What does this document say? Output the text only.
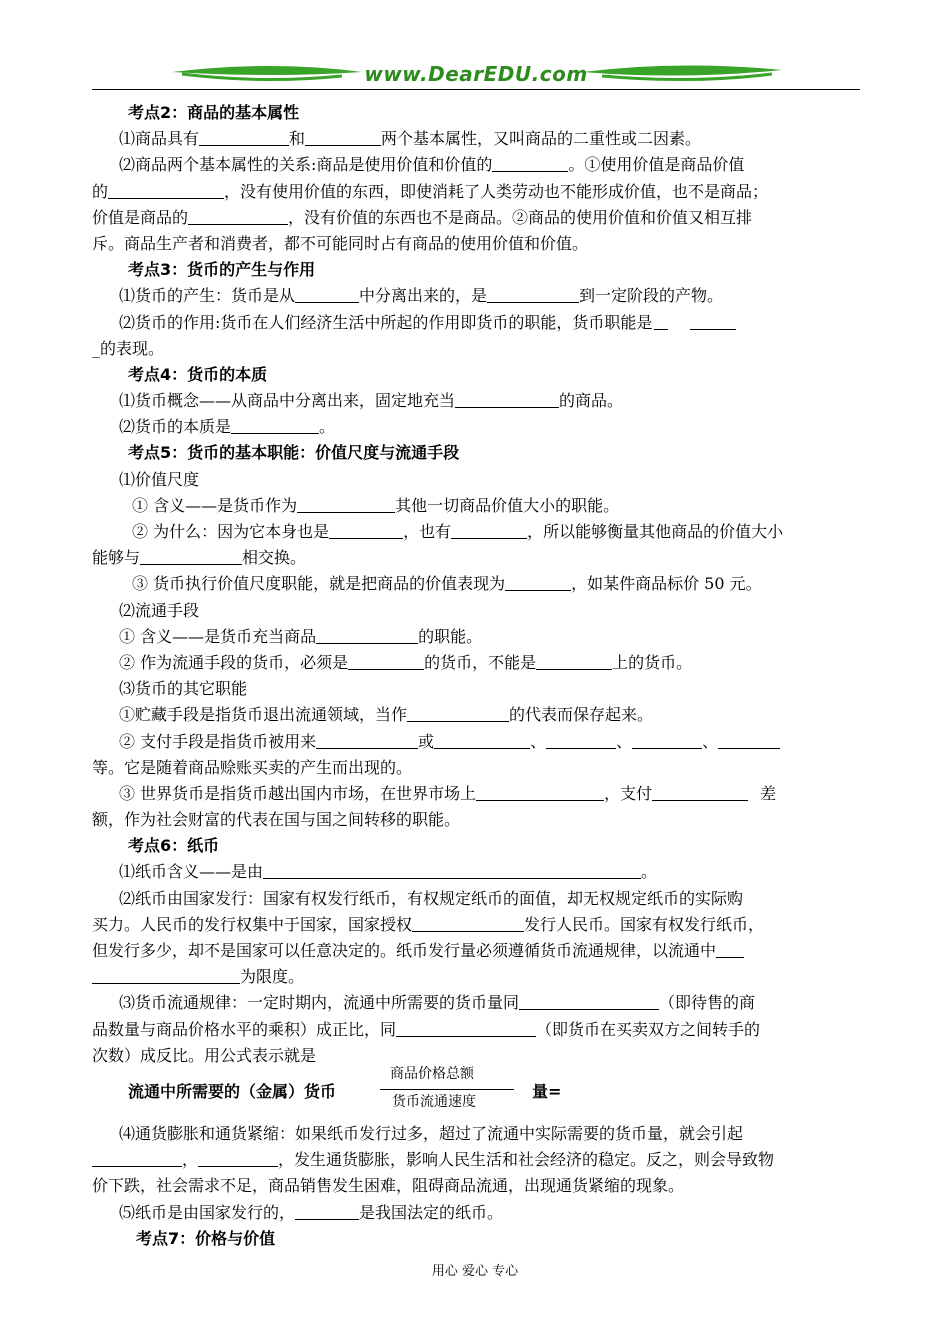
www.DearEDU.com
考点2：商品的基本属性
⑴商品具有	和	两个基本属性，又叫商品的二重性或二因素。
⑵商品两个基本属性的关系:商品是使用价值和价值的	。①使用价值是商品价值
的	，没有使用价值的东西，即使消耗了人类劳动也不能形成价值，也不是商品；
价值是商品的	，没有价值的东西也不是商品。②商品的使用价值和价值又相互排
斥。商品生产者和消费者，都不可能同时占有商品的使用价值和价值。
考点3：货币的产生与作用
⑴货币的产生：货币是从	中分离出来的，是	到一定阶段的产物。
⑵货币的作用:货币在人们经济生活中所起的作用即货币的职能，货币职能是
_的表现。
考点4：货币的本质
⑴货币概念——从商品中分离出来，固定地充当	的商品。
⑵货币的本质是	。
考点5：货币的基本职能：价值尺度与流通手段
⑴价值尺度
① 含义——是货币作为	其他一切商品价值大小的职能。
② 为什么：因为它本身也是	，也有	，所以能够衡量其他商品的价值大小
能够与	相交换。
③ 货币执行价值尺度职能，就是把商品的价值表现为	，如某件商品标价 50 元。
⑵流通手段
① 含义——是货币充当商品	的职能。
② 作为流通手段的货币，必须是	的货币，不能是	上的货币。
⑶货币的其它职能
①贮藏手段是指货币退出流通领域，当作	的代表而保存起来。
② 支付手段是指货币被用来	或	、	、	、
等。它是随着商品赊账买卖的产生而出现的。
③ 世界货币是指货币越出国内市场，在世界市场上	，支付	差
额，作为社会财富的代表在国与国之间转移的职能。
考点6：纸币
⑴纸币含义——是由	。
⑵纸币由国家发行：国家有权发行纸币，有权规定纸币的面值，却无权规定纸币的实际购
买力。人民币的发行权集中于国家，国家授权	发行人民币。国家有权发行纸币，
但发行多少，却不是国家可以任意决定的。纸币发行量必须遵循货币流通规律，以流通中
为限度。
⑶货币流通规律：一定时期内，流通中所需要的货币量同	（即待售的商
品数量与商品价格水平的乘积）成正比，同	（即货币在买卖双方之间转手的
次数）成反比。用公式表示就是
流通中所需要的（金属）货币
商品价格总额
货币流通速度
量=
⑷通货膨胀和通货紧缩：如果纸币发行过多，超过了流通中实际需要的货币量，就会引起
，	，发生通货膨胀，影响人民生活和社会经济的稳定。反之，则会导致物
价下跌，社会需求不足，商品销售发生困难，阻碍商品流通，出现通货紧缩的现象。
⑸纸币是由国家发行的，	是我国法定的纸币。
考点7：价格与价值
用心 爱心 专心
